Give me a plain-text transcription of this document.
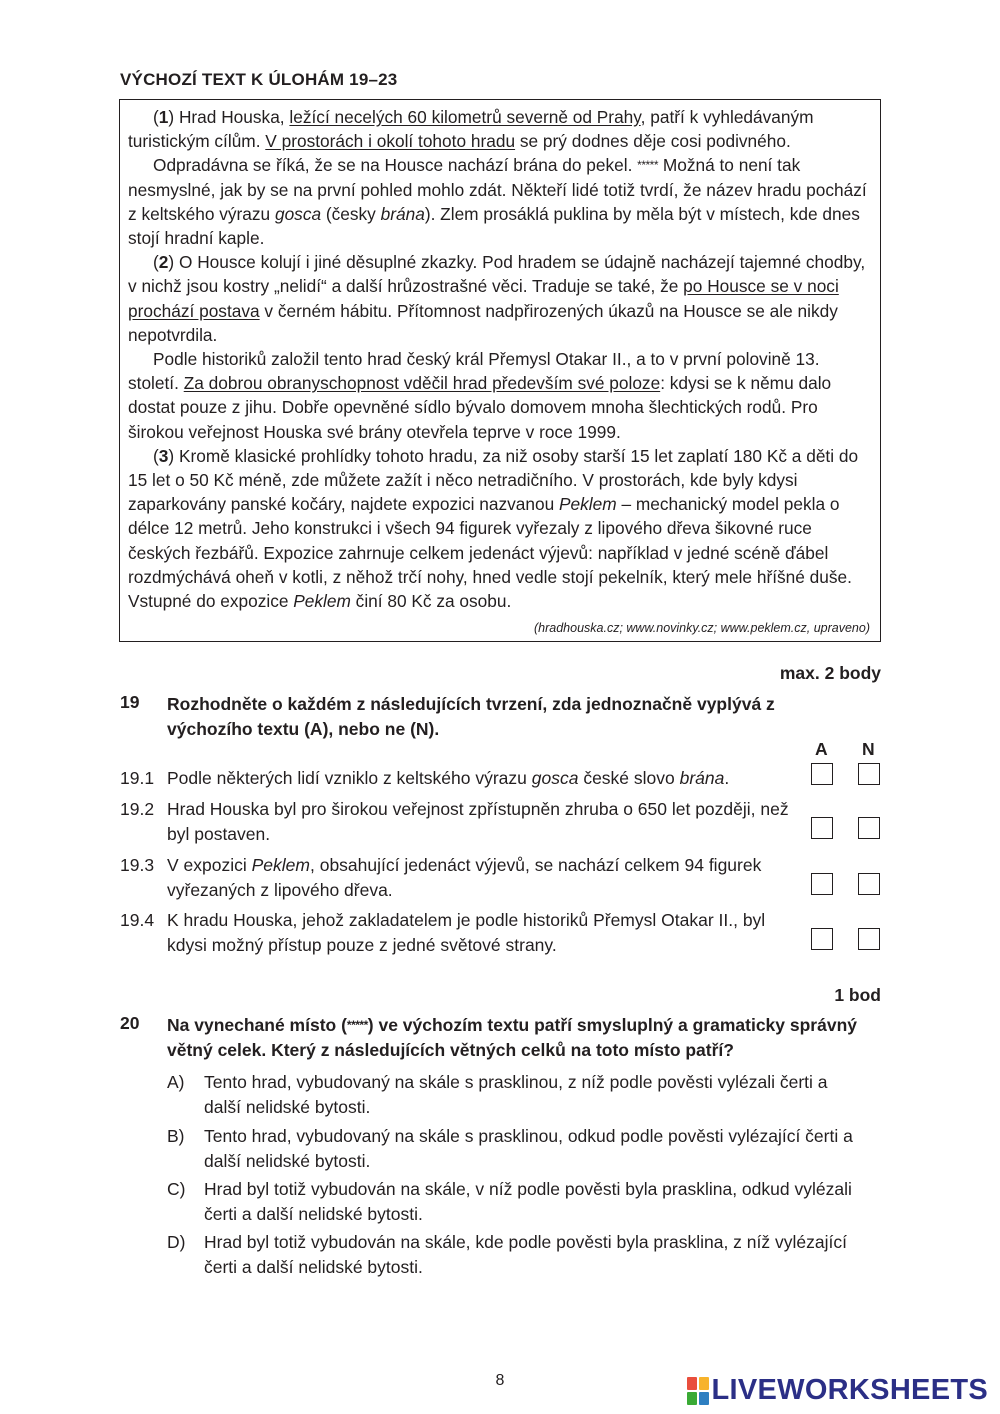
VÝCHOZÍ TEXT K ÚLOHÁM 19–23

(1) Hrad Houska, ležící necelých 60 kilometrů severně od Prahy, patří k vyhledávaným turistickým cílům. V prostorách i okolí tohoto hradu se prý dodnes děje cosi podivného.

Odpradávna se říká, že se na Housce nachází brána do pekel. ***** Možná to není tak nesmyslné, jak by se na první pohled mohlo zdát. Někteří lidé totiž tvrdí, že název hradu pochází z keltského výrazu gosca (česky brána). Zlem prosáklá puklina by měla být v místech, kde dnes stojí hradní kaple.

(2) O Housce kolují i jiné děsuplné zkazky. Pod hradem se údajně nacházejí tajemné chodby, v nichž jsou kostry „nelidí“ a další hrůzostrašné věci. Traduje se také, že po Housce se v noci prochází postava v černém hábitu. Přítomnost nadpřirozených úkazů na Housce se ale nikdy nepotvrdila.

Podle historiků založil tento hrad český král Přemysl Otakar II., a to v první polovině 13. století. Za dobrou obranyschopnost vděčil hrad především své poloze: kdysi se k němu dalo dostat pouze z jihu. Dobře opevněné sídlo bývalo domovem mnoha šlechtických rodů. Pro širokou veřejnost Houska své brány otevřela teprve v roce 1999.

(3) Kromě klasické prohlídky tohoto hradu, za niž osoby starší 15 let zaplatí 180 Kč a děti do 15 let o 50 Kč méně, zde můžete zažít i něco netradičního. V prostorách, kde byly kdysi zaparkovány panské kočáry, najdete expozici nazvanou Peklem – mechanický model pekla o délce 12 metrů. Jeho konstrukci i všech 94 figurek vyřezaly z lipového dřeva šikovné ruce českých řezbářů. Expozice zahrnuje celkem jedenáct výjevů: například v jedné scéně ďábel rozdmýchává oheň v kotli, z něhož trčí nohy, hned vedle stojí pekelník, který mele hříšné duše. Vstupné do expozice Peklem činí 80 Kč za osobu.

(hradhouska.cz; www.novinky.cz; www.peklem.cz, upraveno)
max. 2 body
19 Rozhodněte o každém z následujících tvrzení, zda jednoznačně vyplývá z výchozího textu (A), nebo ne (N).
A N
19.1 Podle některých lidí vzniklo z keltského výrazu gosca české slovo brána.
19.2 Hrad Houska byl pro širokou veřejnost zpřístupněn zhruba o 650 let později, než byl postaven.
19.3 V expozici Peklem, obsahující jedenáct výjevů, se nachází celkem 94 figurek vyřezaných z lipového dřeva.
19.4 K hradu Houska, jehož zakladatelem je podle historiků Přemysl Otakar II., byl kdysi možný přístup pouze z jedné světové strany.
1 bod
20 Na vynechané místo (*****) ve výchozím textu patří smysluplný a gramaticky správný větný celek. Který z následujících větných celků na toto místo patří?
A) Tento hrad, vybudovaný na skále s prasklinou, z níž podle pověsti vylézali čerti a další nelidské bytosti.
B) Tento hrad, vybudovaný na skále s prasklinou, odkud podle pověsti vylézající čerti a další nelidské bytosti.
C) Hrad byl totiž vybudován na skále, v níž podle pověsti byla prasklina, odkud vylézali čerti a další nelidské bytosti.
D) Hrad byl totiž vybudován na skále, kde podle pověsti byla prasklina, z níž vylézající čerti a další nelidské bytosti.
8	LIVEWORKSHEETS
